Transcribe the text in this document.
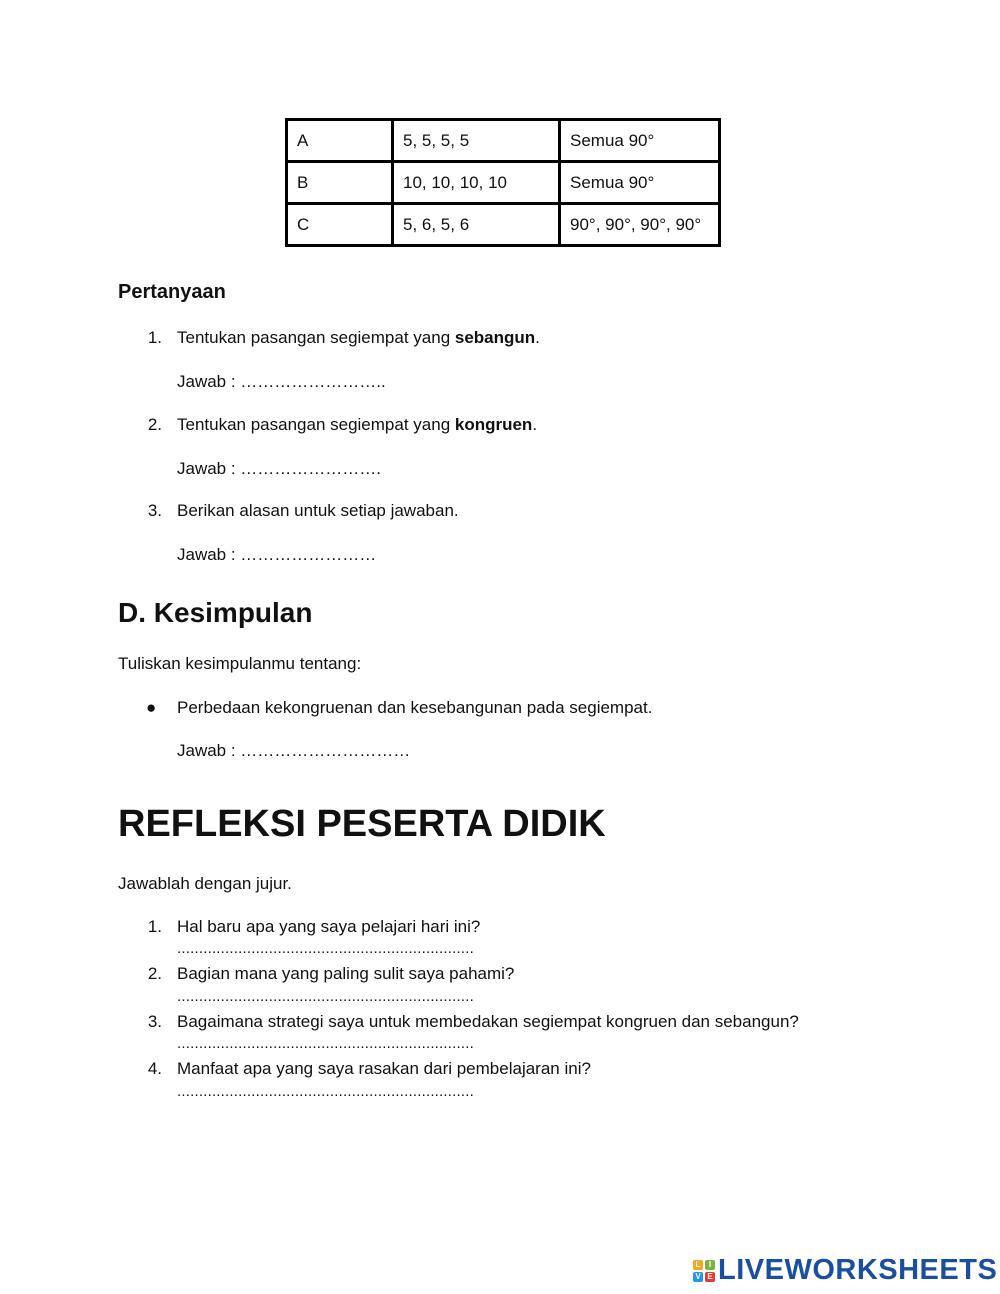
A	5, 5, 5, 5	Semua 90°
B	10, 10, 10, 10	Semua 90°
C	5, 6, 5, 6	90°, 90°, 90°, 90°
Pertanyaan
1. Tentukan pasangan segiempat yang sebangun.
Jawab : ……………………..
2. Tentukan pasangan segiempat yang kongruen.
Jawab : …………………….
3. Berikan alasan untuk setiap jawaban.
Jawab : ……………………
D. Kesimpulan
Tuliskan kesimpulanmu tentang:
● Perbedaan kekongruenan dan kesebangunan pada segiempat.
Jawab : …………………………
REFLEKSI PESERTA DIDIK
Jawablah dengan jujur.
1. Hal baru apa yang saya pelajari hari ini?
....................................................................
2. Bagian mana yang paling sulit saya pahami?
....................................................................
3. Bagaimana strategi saya untuk membedakan segiempat kongruen dan sebangun?
....................................................................
4. Manfaat apa yang saya rasakan dari pembelajaran ini?
....................................................................
L	I
V E LIVEWORKSHEETS
